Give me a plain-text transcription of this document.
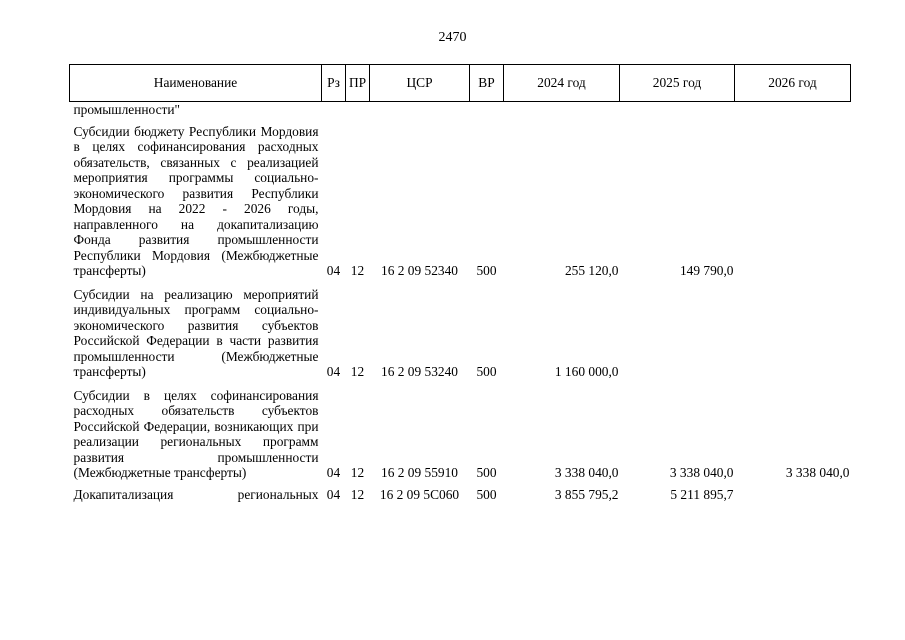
2470
Наименование	Рз	ПР	ЦСР	ВР	2024 год	2025 год	2026 год
промышленности"							
Субсидии бюджету Республики Мордовия в целях софинансирования расходных обязательств, связанных с реализацией мероприятия программы социально-экономического развития Республики Мордовия на 2022 - 2026 годы, направленного на докапитализацию Фонда развития промышленности Республики Мордовия (Межбюджетные трансферты)	04	12	16 2 09 52340	500	255 120,0	149 790,0	
Субсидии на реализацию мероприятий индивидуальных программ социально-экономического развития субъектов Российской Федерации в части развития промышленности (Межбюджетные трансферты)	04	12	16 2 09 53240	500	1 160 000,0		
Субсидии в целях софинансирования расходных обязательств субъектов Российской Федерации, возникающих при реализации региональных программ развития промышленности (Межбюджетные трансферты)	04	12	16 2 09 55910	500	3 338 040,0	3 338 040,0	3 338 040,0
Докапитализация региональных	04	12	16 2 09 5С060	500	3 855 795,2	5 211 895,7	
